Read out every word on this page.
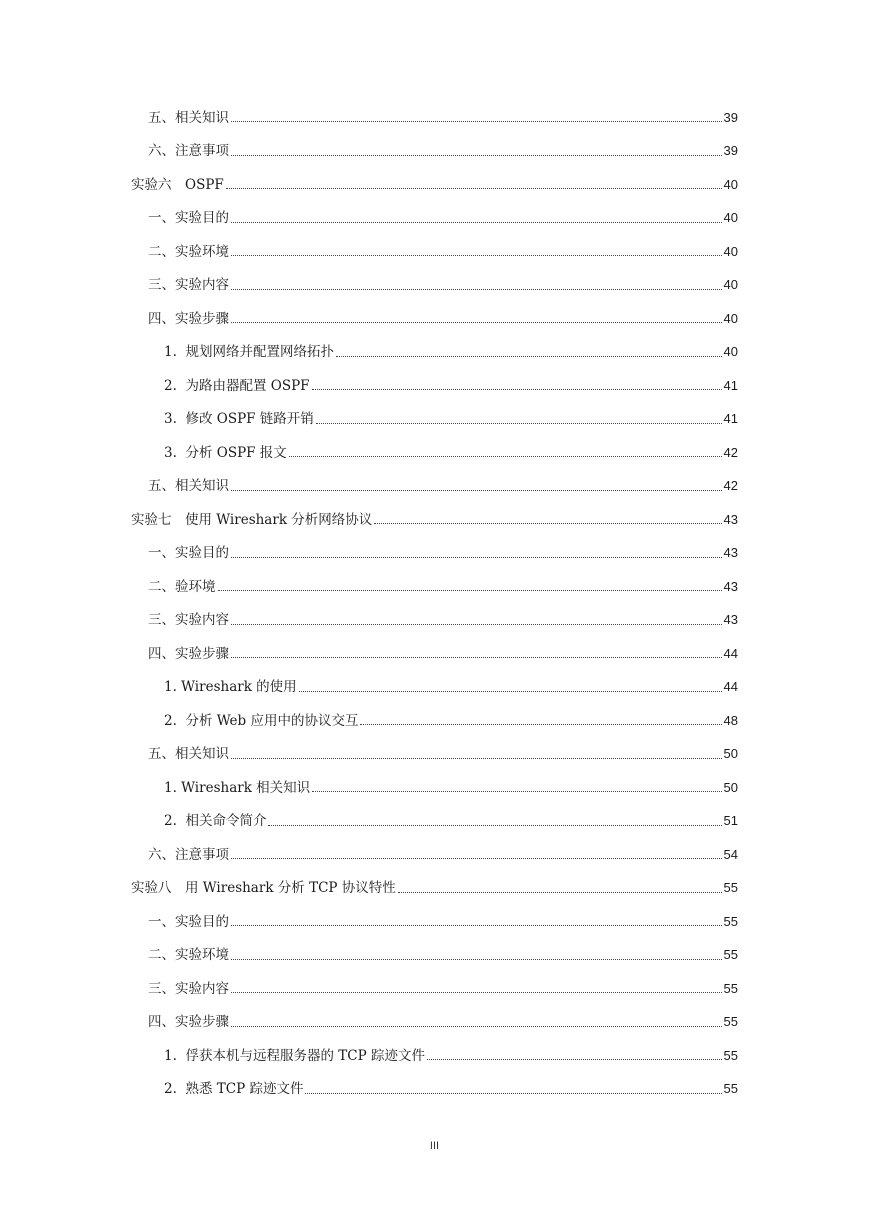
五、相关知识	39
六、注意事项	39
实验六　OSPF	40
一、实验目的	40
二、实验环境	40
三、实验内容	40
四、实验步骤	40
1.  规划网络并配置网络拓扑	40
2.  为路由器配置 OSPF	41
3.  修改 OSPF 链路开销	41
3.  分析 OSPF 报文	42
五、相关知识	42
实验七　使用 Wireshark 分析网络协议	43
一、实验目的	43
二、验环境	43
三、实验内容	43
四、实验步骤	44
1. Wireshark 的使用	44
2.  分析 Web 应用中的协议交互	48
五、相关知识	50
1. Wireshark 相关知识	50
2.  相关命令简介	51
六、注意事项	54
实验八　用 Wireshark 分析 TCP 协议特性	55
一、实验目的	55
二、实验环境	55
三、实验内容	55
四、实验步骤	55
1.  俘获本机与远程服务器的 TCP 踪迹文件	55
2.  熟悉 TCP 踪迹文件	55
III
